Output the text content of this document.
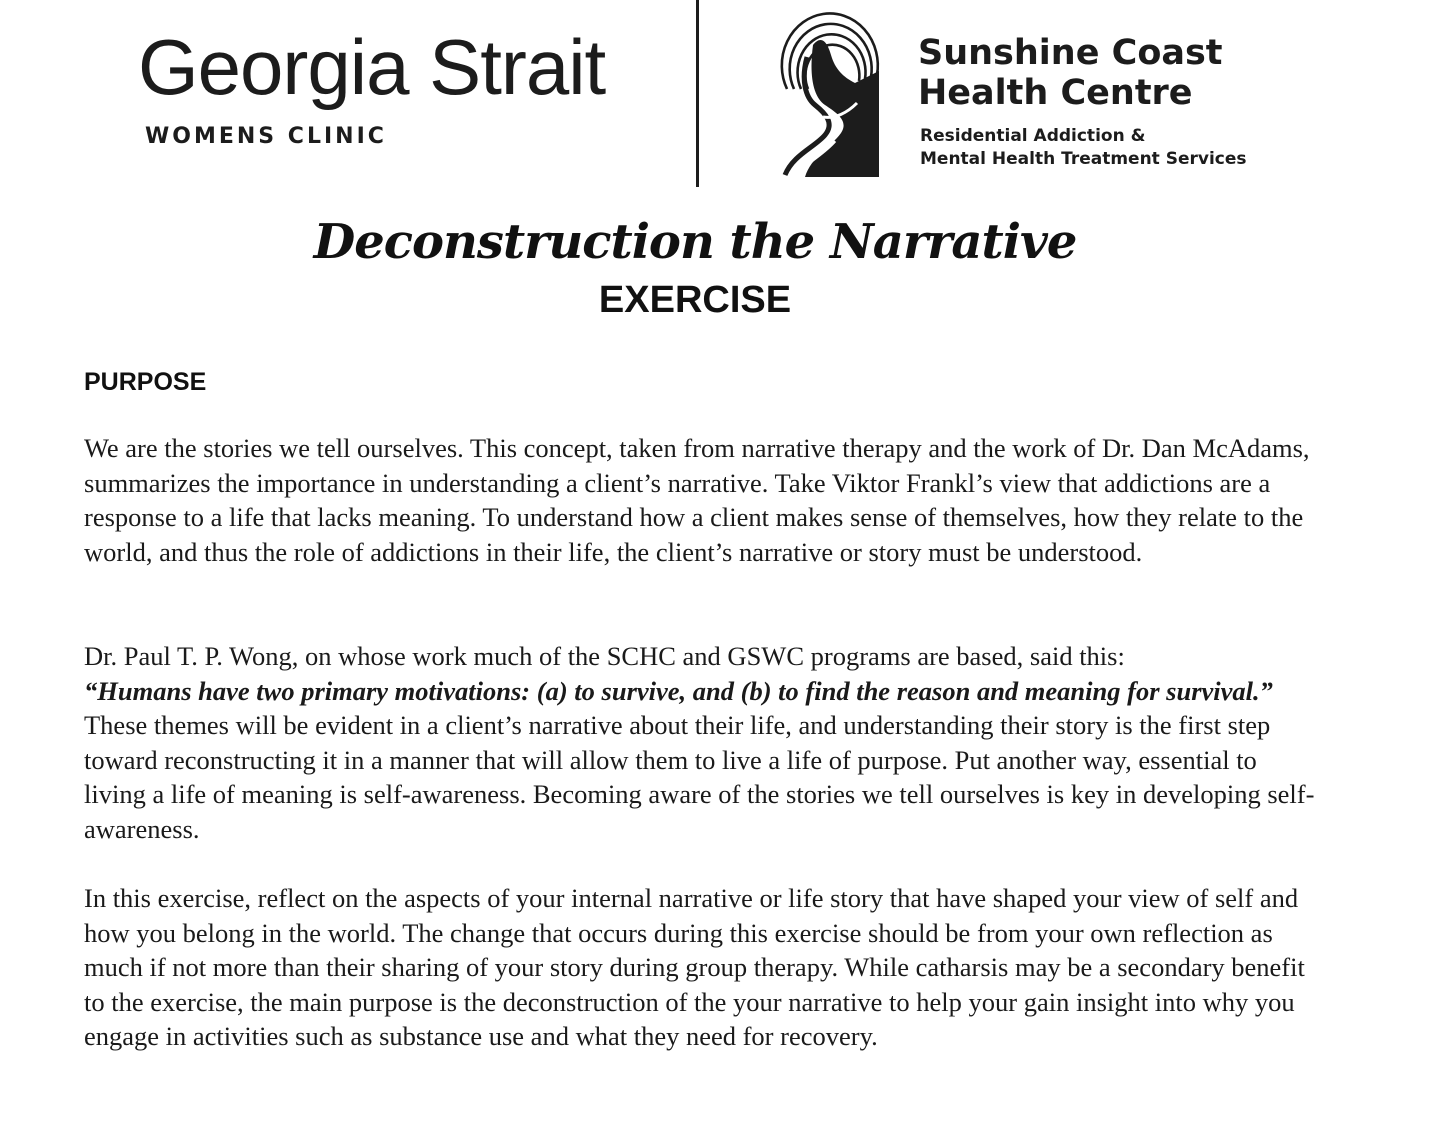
Georgia Strait
WOMENS CLINIC
Sunshine Coast
Health Centre
Residential Addiction &
Mental Health Treatment Services
Deconstruction the Narrative
EXERCISE
PURPOSE

We are the stories we tell ourselves. This concept, taken from narrative therapy and the work of Dr. Dan McAdams, summarizes the importance in understanding a client’s narrative. Take Viktor Frankl’s view that addictions are a response to a life that lacks meaning. To understand how a client makes sense of themselves, how they relate to the world, and thus the role of addictions in their life, the client’s narrative or story must be understood.

Dr. Paul T. P. Wong, on whose work much of the SCHC and GSWC programs are based, said this:
“Humans have two primary motivations: (a) to survive, and (b) to find the reason and meaning for survival.” These themes will be evident in a client’s narrative about their life, and understanding their story is the first step toward reconstructing it in a manner that will allow them to live a life of purpose. Put another way, essential to living a life of meaning is self-awareness. Becoming aware of the stories we tell ourselves is key in developing self-awareness.

In this exercise, reflect on the aspects of your internal narrative or life story that have shaped your view of self and how you belong in the world. The change that occurs during this exercise should be from your own reflection as much if not more than their sharing of your story during group therapy. While catharsis may be a secondary benefit to the exercise, the main purpose is the deconstruction of the your narrative to help your gain insight into why you engage in activities such as substance use and what they need for recovery.
